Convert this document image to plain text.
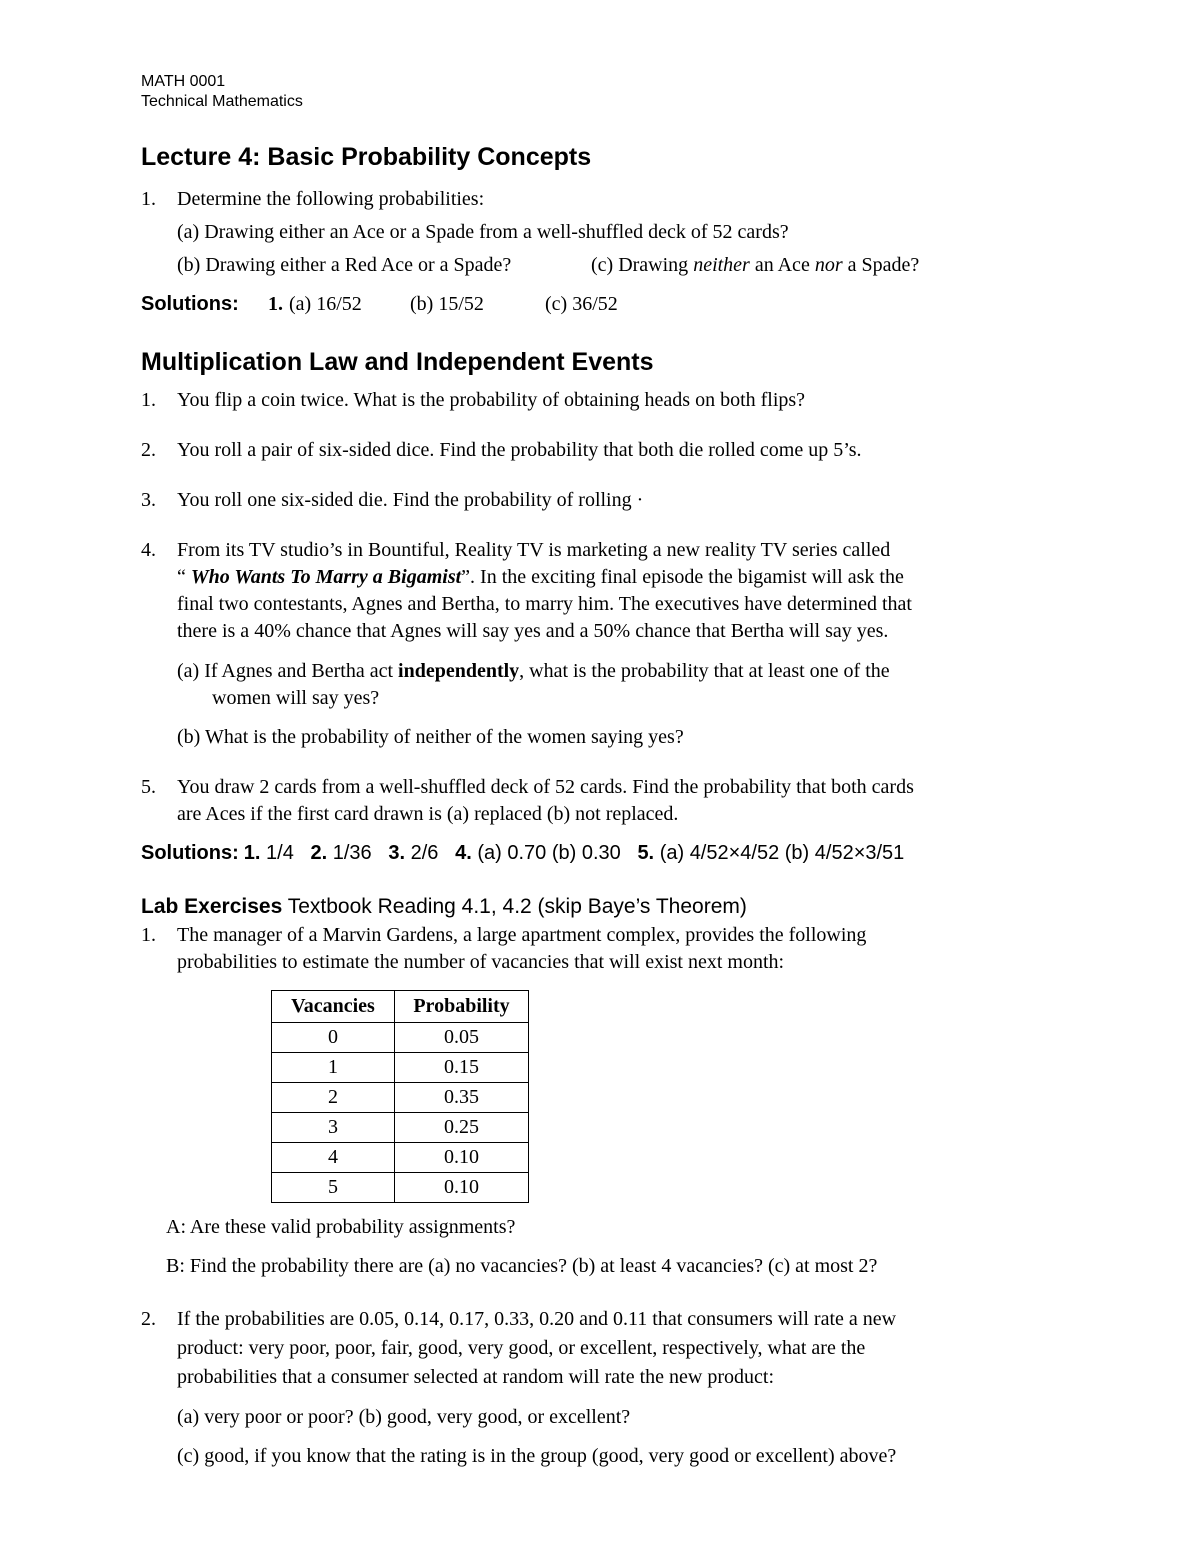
MATH 0001
Technical Mathematics
Lecture 4: Basic Probability Concepts
1. Determine the following probabilities:
(a) Drawing either an Ace or a Spade from a well-shuffled deck of 52 cards?
(b) Drawing either a Red Ace or a Spade?	(c) Drawing neither an Ace nor a Spade?
Solutions: 1. (a) 16/52 (b) 15/52	(c) 36/52
Multiplication Law and Independent Events
1. You flip a coin twice. What is the probability of obtaining heads on both flips?
2. You roll a pair of six-sided dice. Find the probability that both die rolled come up 5’s.
3. You roll one six-sided die. Find the probability of rolling ·
4. From its TV studio’s in Bountiful, Reality TV is marketing a new reality TV series called
“ Who Wants To Marry a Bigamist”. In the exciting final episode the bigamist will ask the
final two contestants, Agnes and Bertha, to marry him. The executives have determined that
there is a 40% chance that Agnes will say yes and a 50% chance that Bertha will say yes.
(a) If Agnes and Bertha act independently, what is the probability that at least one of the
women will say yes?
(b) What is the probability of neither of the women saying yes?
5. You draw 2 cards from a well-shuffled deck of 52 cards. Find the probability that both cards
are Aces if the first card drawn is (a) replaced (b) not replaced.
Solutions: 1. 1/4 2. 1/36 3. 2/6 4. (a) 0.70 (b) 0.30 5. (a) 4/52×4/52 (b) 4/52×3/51
Lab Exercises Textbook Reading 4.1, 4.2 (skip Baye’s Theorem)
1. The manager of a Marvin Gardens, a large apartment complex, provides the following
probabilities to estimate the number of vacancies that will exist next month:
Vacancies	Probability
0	0.05
1	0.15
2	0.35
3	0.25
4	0.10
5	0.10
A: Are these valid probability assignments?
B: Find the probability there are (a) no vacancies? (b) at least 4 vacancies? (c) at most 2?
2. If the probabilities are 0.05, 0.14, 0.17, 0.33, 0.20 and 0.11 that consumers will rate a new
product: very poor, poor, fair, good, very good, or excellent, respectively, what are the
probabilities that a consumer selected at random will rate the new product:
(a) very poor or poor? (b) good, very good, or excellent?
(c) good, if you know that the rating is in the group (good, very good or excellent) above?
